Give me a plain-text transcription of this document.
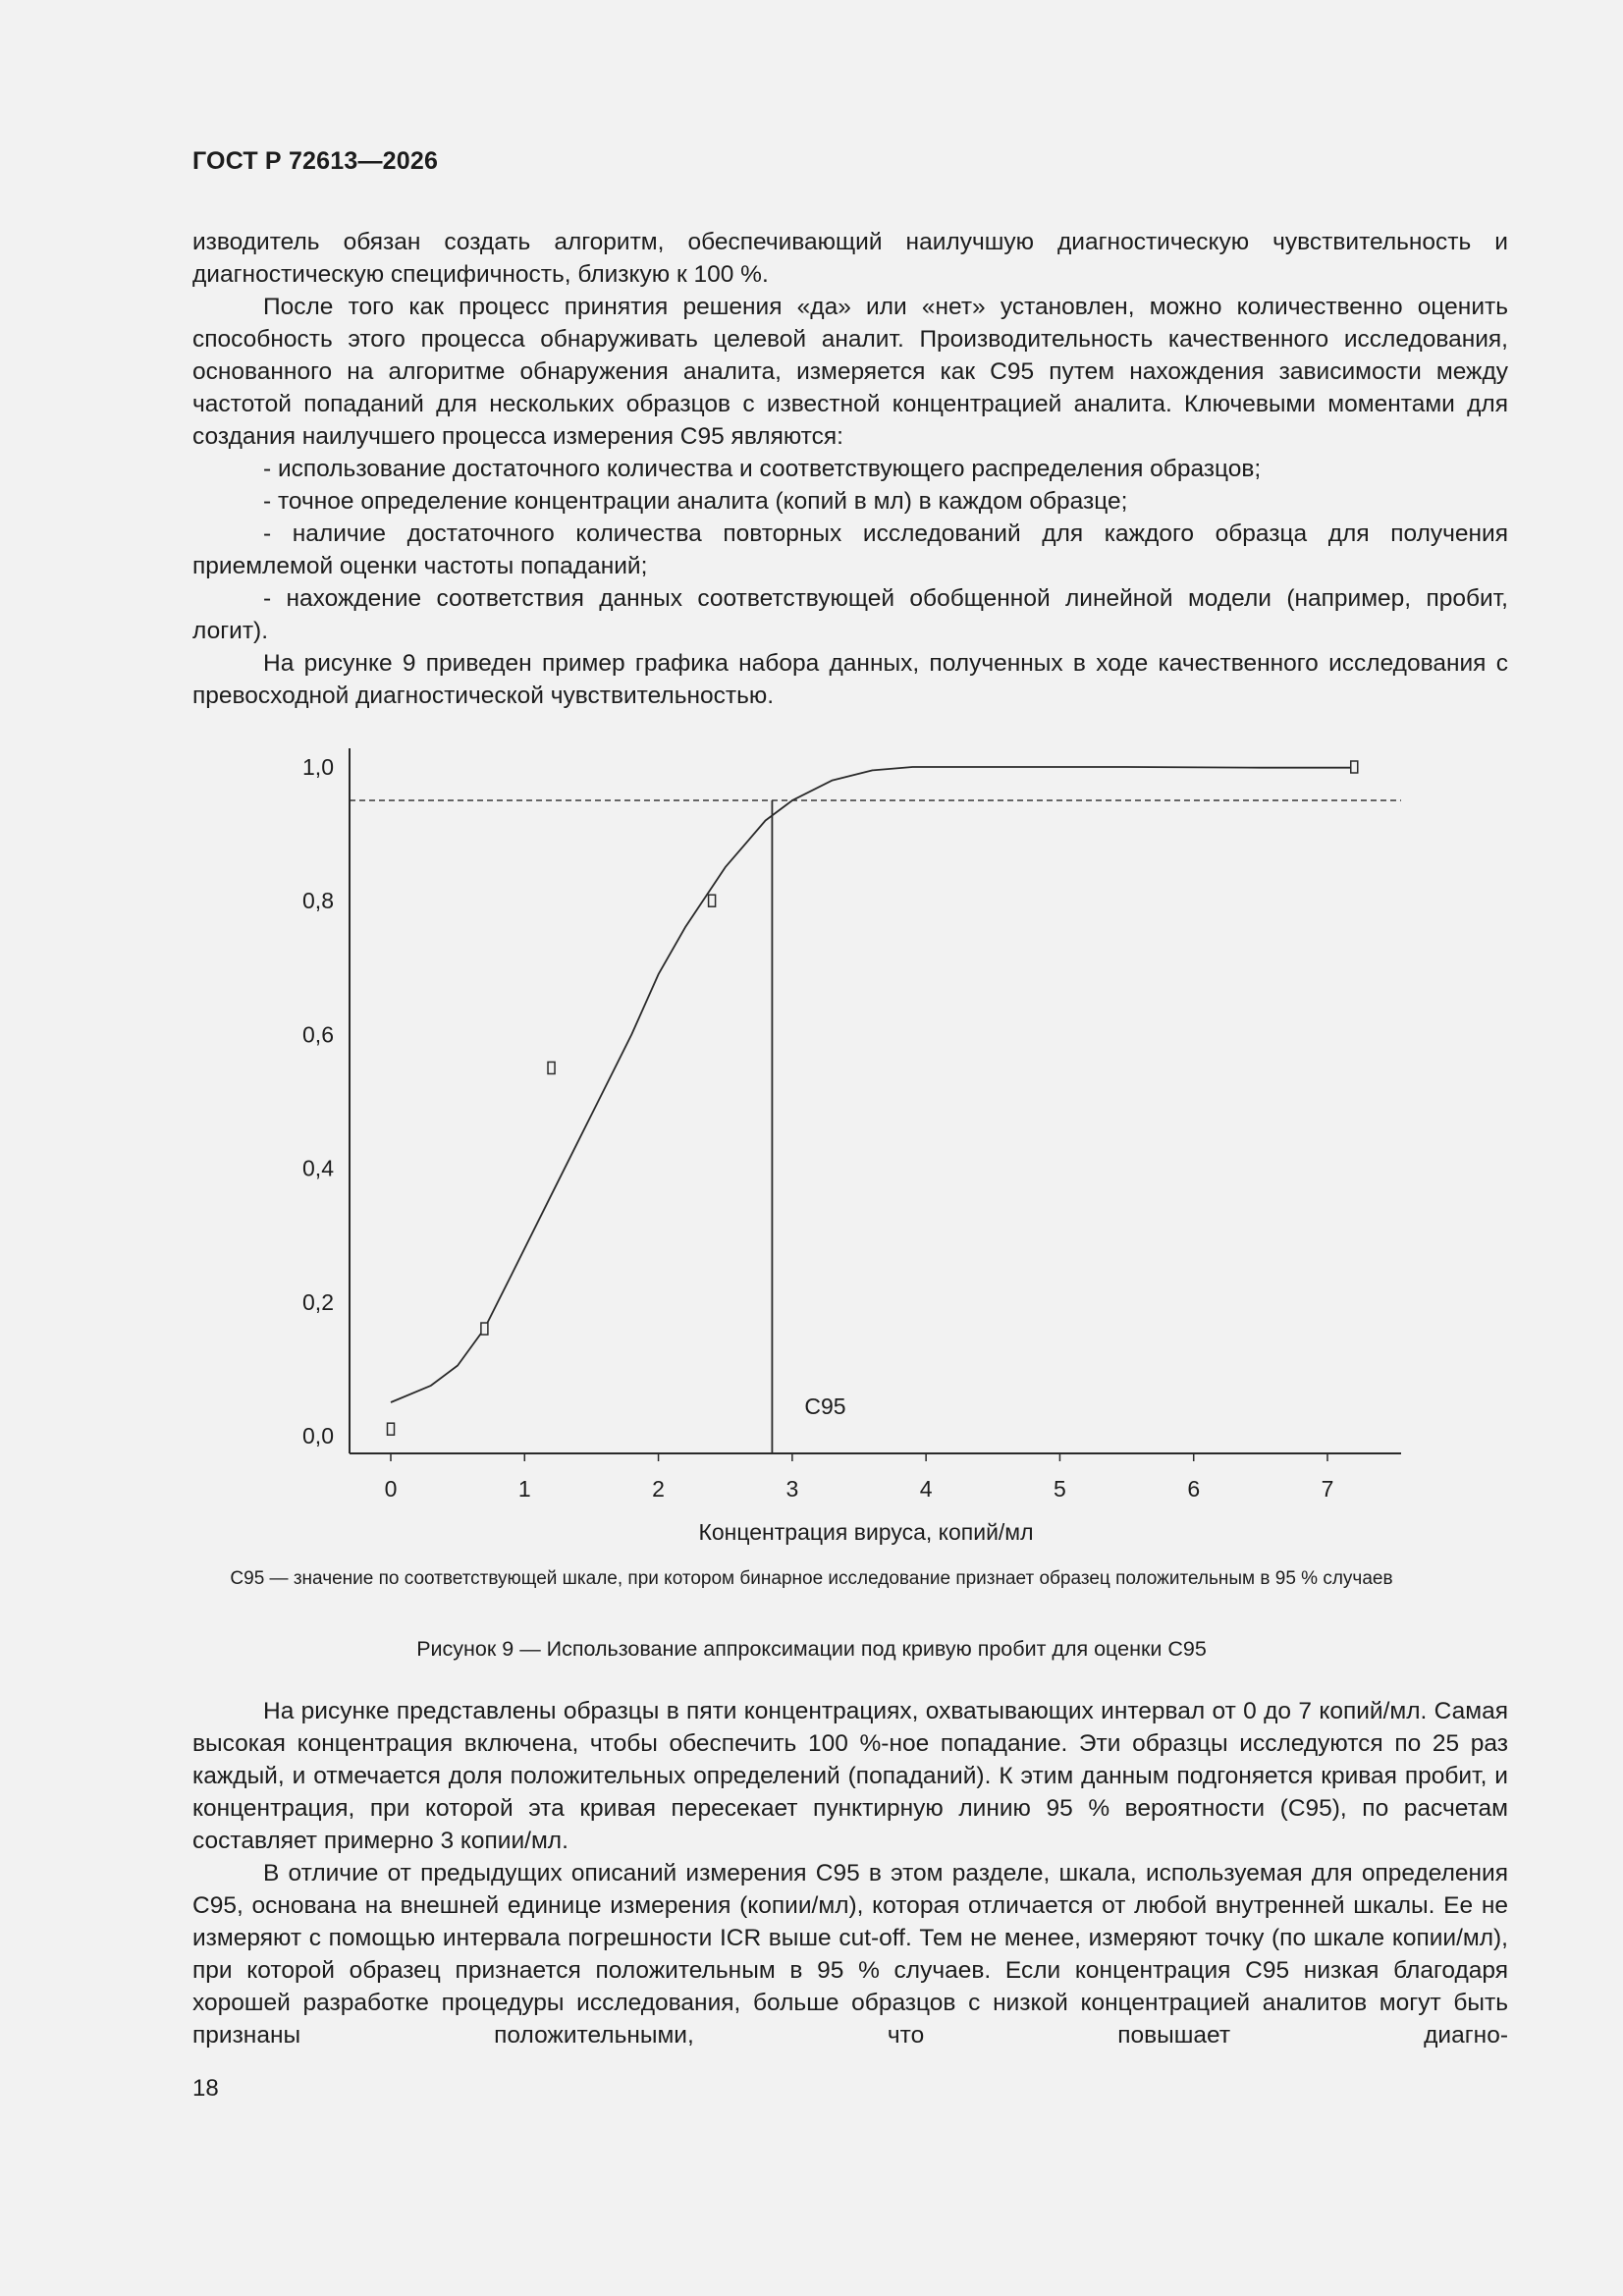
ГОСТ Р 72613—2026

изводитель обязан создать алгоритм, обеспечивающий наилучшую диагностическую чувствительность и диагностическую специфичность, близкую к 100 %.

После того как процесс принятия решения «да» или «нет» установлен, можно количественно оценить способность этого процесса обнаруживать целевой аналит. Производительность качественного исследования, основанного на алгоритме обнаружения аналита, измеряется как С95 путем нахождения зависимости между частотой попаданий для нескольких образцов с известной концентрацией аналита. Ключевыми моментами для создания наилучшего процесса измерения С95 являются:

- использование достаточного количества и соответствующего распределения образцов;

- точное определение концентрации аналита (копий в мл) в каждом образце;

- наличие достаточного количества повторных исследований для каждого образца для получения приемлемой оценки частоты попаданий;

- нахождение соответствия данных соответствующей обобщенной линейной модели (например, пробит, логит).

На рисунке 9 приведен пример графика набора данных, полученных в ходе качественного исследования с превосходной диагностической чувствительностью.

0	1	2	3	4	5	6	7
0,0
0,2
0,4
0,6
0,8
1,0
Концентрация вируса, копий/мл
С95
С95 — значение по соответствующей шкале, при котором бинарное исследование признает образец положительным в 95 % случаев
Рисунок 9 — Использование аппроксимации под кривую пробит для оценки С95

На рисунке представлены образцы в пяти концентрациях, охватывающих интервал от 0 до 7 копий/мл. Самая высокая концентрация включена, чтобы обеспечить 100 %-ное попадание. Эти образцы исследуются по 25 раз каждый, и отмечается доля положительных определений (попаданий). К этим данным подгоняется кривая пробит, и концентрация, при которой эта кривая пересекает пунктирную линию 95 % вероятности (С95), по расчетам составляет примерно 3 копии/мл.

В отличие от предыдущих описаний измерения С95 в этом разделе, шкала, используемая для определения С95, основана на внешней единице измерения (копии/мл), которая отличается от любой внутренней шкалы. Ее не измеряют с помощью интервала погрешности ICR выше cut-off. Тем не менее, измеряют точку (по шкале копии/мл), при которой образец признается положительным в 95 % случаев. Если концентрация С95 низкая благодаря хорошей разработке процедуры исследования, больше образцов с низкой концентрацией аналитов могут быть признаны положительными, что повышает диагно-

18
